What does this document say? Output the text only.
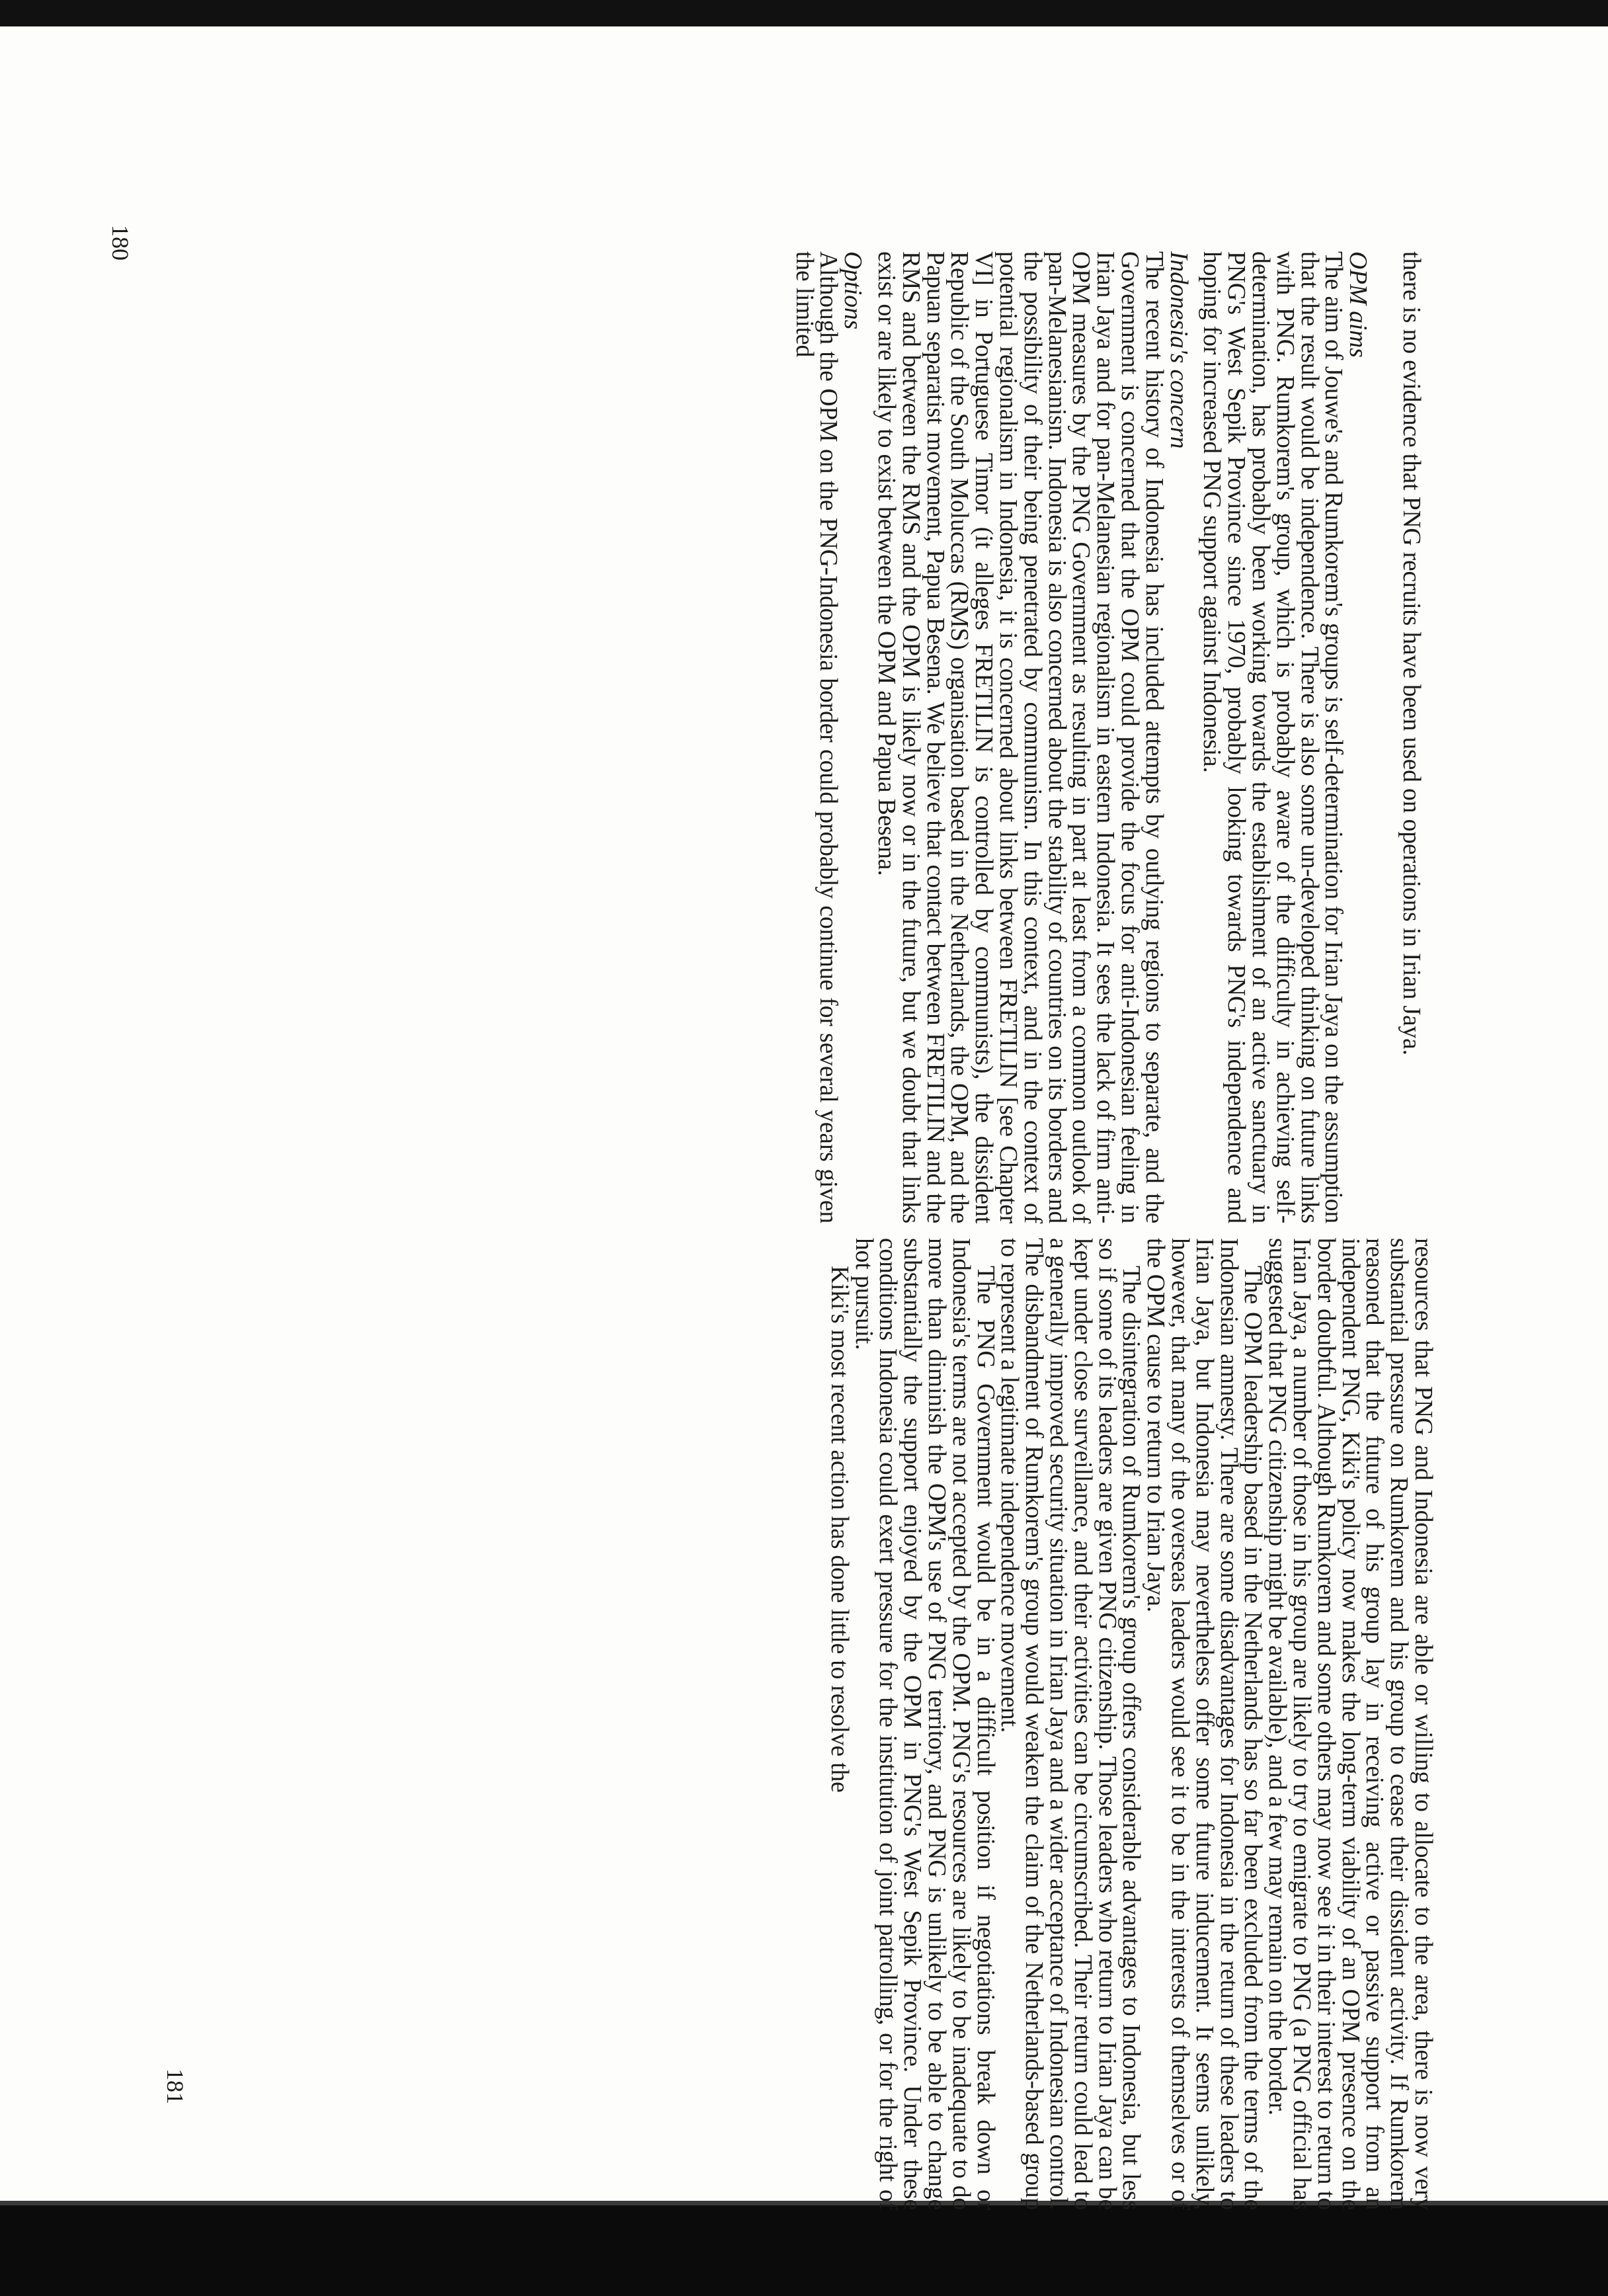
there is no evidence that PNG recruits have been used on operations in Irian Jaya.

OPM aims

The aim of Jouwe's and Rumkorem's groups is self-determination for Irian Jaya on the assumption that the result would be independence. There is also some un-developed thinking on future links with PNG. Rumkorem's group, which is probably aware of the difficulty in achieving self-determination, has probably been working towards the establishment of an active sanctuary in PNG's West Sepik Province since 1970, probably looking towards PNG's independence and hoping for increased PNG support against Indonesia.

Indonesia's concern

The recent history of Indonesia has included attempts by outlying regions to separate, and the Government is concerned that the OPM could provide the focus for anti-Indonesian feeling in Irian Jaya and for pan-Melanesian regionalism in eastern Indonesia. It sees the lack of firm anti-OPM measures by the PNG Government as resulting in part at least from a common outlook of pan-Melanesianism. Indonesia is also concerned about the stability of countries on its borders and the possibility of their being penetrated by communism. In this context, and in the context of potential regionalism in Indonesia, it is concerned about links between FRETILIN [see Chapter VI] in Portuguese Timor (it alleges FRETILIN is controlled by communists), the dissident Republic of the South Moluccas (RMS) organisation based in the Netherlands, the OPM, and the Papuan separatist movement, Papua Besena. We believe that contact between FRETILIN and the RMS and between the RMS and the OPM is likely now or in the future, but we doubt that links exist or are likely to exist between the OPM and Papua Besena.

Options

Although the OPM on the PNG-Indonesia border could probably continue for several years given the limited

resources that PNG and Indonesia are able or willing to allocate to the area, there is now very substantial pressure on Rumkorem and his group to cease their dissident activity. If Rumkorem reasoned that the future of his group lay in receiving active or passive support from an independent PNG, Kiki's policy now makes the long-term viability of an OPM presence on the border doubtful. Although Rumkorem and some others may now see it in their interest to return to Irian Jaya, a number of those in his group are likely to try to emigrate to PNG (a PNG official has suggested that PNG citizenship might be available), and a few may remain on the border.

The OPM leadership based in the Netherlands has so far been excluded from the terms of the Indonesian amnesty. There are some disadvantages for Indonesia in the return of these leaders to Irian Jaya, but Indonesia may nevertheless offer some future inducement. It seems unlikely, however, that many of the overseas leaders would see it to be in the interests of themselves or of the OPM cause to return to Irian Jaya.

The disintegration of Rumkorem's group offers considerable advantages to Indonesia, but less so if some of its leaders are given PNG citizenship. Those leaders who return to Irian Jaya can be kept under close surveillance, and their activities can be circumscribed. Their return could lead to a generally improved security situation in Irian Jaya and a wider acceptance of Indonesian control. The disbandment of Rumkorem's group would weaken the claim of the Netherlands-based group to represent a legitimate independence movement.

The PNG Government would be in a difficult position if negotiations break down or Indonesia's terms are not accepted by the OPM. PNG's resources are likely to be inadequate to do more than diminish the OPM's use of PNG territory, and PNG is unlikely to be able to change substantially the support enjoyed by the OPM in PNG's West Sepik Province. Under these conditions Indonesia could exert pressure for the institution of joint patrolling, or for the right of hot pursuit.

Kiki's most recent action has done little to resolve the

180
181
